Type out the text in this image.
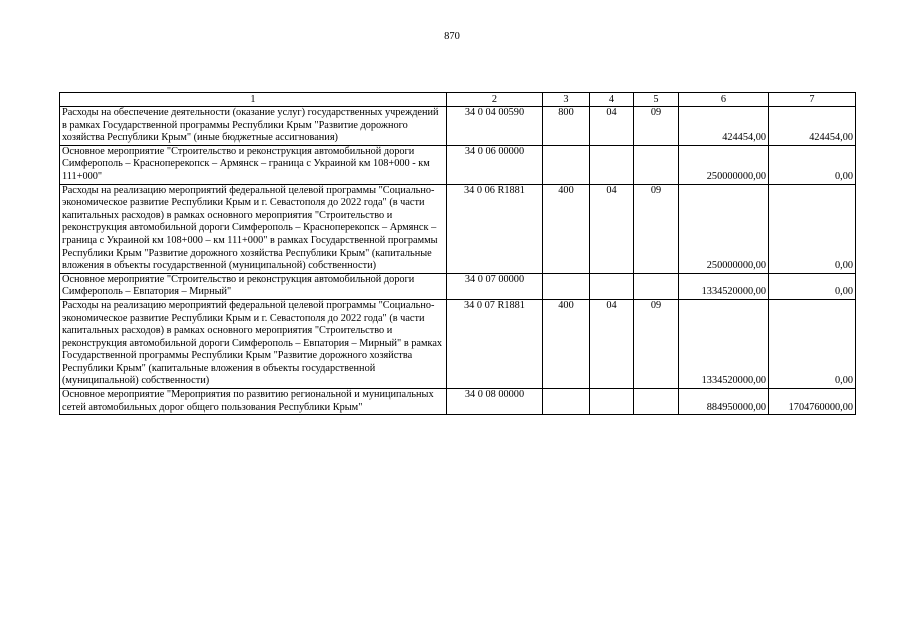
870
1	2	3	4	5	6	7
Расходы на обеспечение деятельности (оказание услуг) государственных учреждений в рамках Государственной программы Республики Крым "Развитие дорожного хозяйства Республики Крым" (иные бюджетные ассигнования)	34 0 04 00590	800	04	09	424454,00	424454,00
Основное мероприятие "Строительство и реконструкция автомобильной дороги Симферополь – Красноперекопск – Армянск – граница с Украиной км 108+000 - км 111+000"	34 0 06 00000				250000000,00	0,00
Расходы на реализацию мероприятий федеральной целевой программы "Социально-экономическое развитие Республики Крым и г. Севастополя до 2022 года" (в части капитальных расходов) в рамках основного мероприятия "Строительство и реконструкция автомобильной дороги Симферополь – Красноперекопск – Армянск – граница с Украиной км 108+000 – км 111+000" в рамках Государственной программы Республики Крым "Развитие дорожного хозяйства Республики Крым" (капитальные вложения в объекты государственной (муниципальной) собственности)	34 0 06 R1881	400	04	09	250000000,00	0,00
Основное мероприятие "Строительство и реконструкция автомобильной дороги Симферополь – Евпатория – Мирный"	34 0 07 00000				1334520000,00	0,00
Расходы на реализацию мероприятий федеральной целевой программы "Социально-экономическое развитие Республики Крым и г. Севастополя до 2022 года" (в части капитальных расходов) в рамках основного мероприятия "Строительство и реконструкция автомобильной дороги Симферополь – Евпатория – Мирный" в рамках Государственной программы Республики Крым "Развитие дорожного хозяйства Республики Крым" (капитальные вложения в объекты государственной (муниципальной) собственности)	34 0 07 R1881	400	04	09	1334520000,00	0,00
Основное мероприятие "Мероприятия по развитию региональной и муниципальных сетей автомобильных дорог общего пользования Республики Крым"	34 0 08 00000				884950000,00	1704760000,00
